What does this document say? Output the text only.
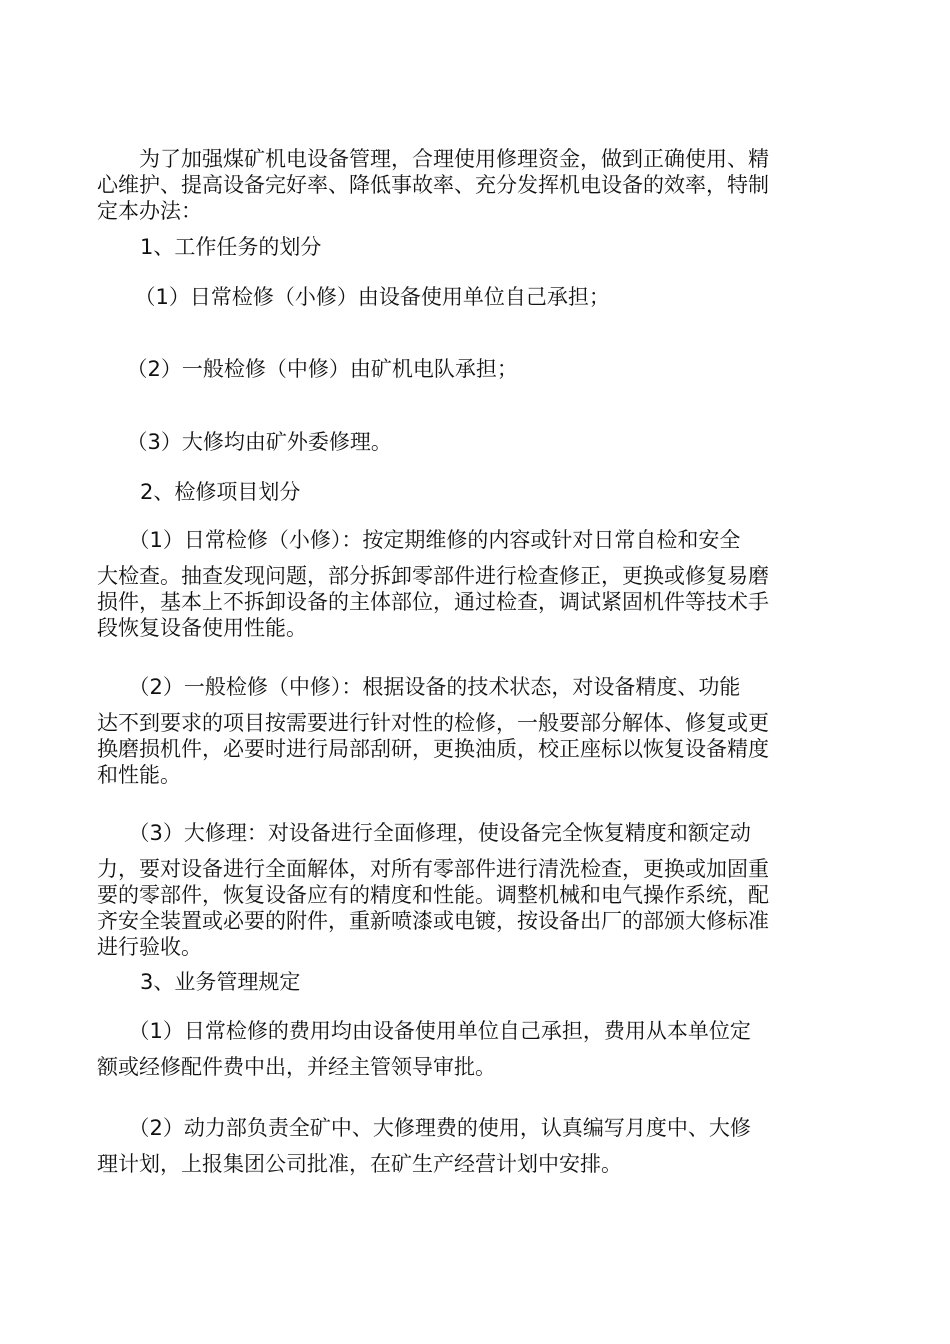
　　为了加强煤矿机电设备管理，合理使用修理资金，做到正确使用、精
心维护、提高设备完好率、降低事故率、充分发挥机电设备的效率，特制
定本办法：

　　1、工作任务的划分

　　（1）日常检修（小修）由设备使用单位自己承担；

　　（2）一般检修（中修）由矿机电队承担；

　　（3）大修均由矿外委修理。

　　2、检修项目划分

　　（1）日常检修（小修）：按定期维修的内容或针对日常自检和安全
大检查。抽查发现问题，部分拆卸零部件进行检查修正，更换或修复易磨
损件，基本上不拆卸设备的主体部位，通过检查，调试紧固机件等技术手
段恢复设备使用性能。

　　（2）一般检修（中修）：根据设备的技术状态，对设备精度、功能
达不到要求的项目按需要进行针对性的检修，一般要部分解体、修复或更
换磨损机件，必要时进行局部刮研，更换油质，校正座标以恢复设备精度
和性能。

　　（3）大修理：对设备进行全面修理，使设备完全恢复精度和额定动
力，要对设备进行全面解体，对所有零部件进行清洗检查，更换或加固重
要的零部件，恢复设备应有的精度和性能。调整机械和电气操作系统，配
齐安全装置或必要的附件，重新喷漆或电镀，按设备出厂的部颁大修标准
进行验收。

　　3、业务管理规定

　　（1）日常检修的费用均由设备使用单位自己承担，费用从本单位定
额或经修配件费中出，并经主管领导审批。

　　（2）动力部负责全矿中、大修理费的使用，认真编写月度中、大修
理计划，上报集团公司批准，在矿生产经营计划中安排。
